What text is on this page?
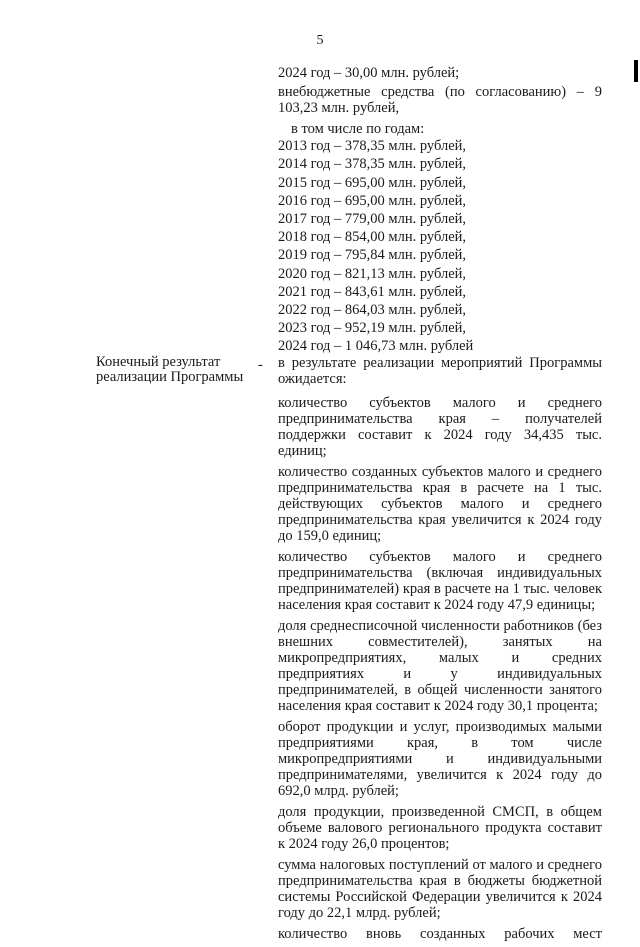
5

2024 год – 30,00 млн. рублей;

внебюджетные средства (по согласованию) – 9 103,23 млн. рублей,

в том числе по годам:

2013 год – 378,35 млн. рублей,

2014 год – 378,35 млн. рублей,

2015 год – 695,00 млн. рублей,

2016 год – 695,00 млн. рублей,

2017 год – 779,00 млн. рублей,

2018 год – 854,00 млн. рублей,

2019 год – 795,84 млн. рублей,

2020 год – 821,13 млн. рублей,

2021 год – 843,61 млн. рублей,

2022 год – 864,03 млн. рублей,

2023 год – 952,19 млн. рублей,

2024 год – 1 046,73 млн. рублей

Конечный результат реализации Программы
- в результате реализации мероприятий Программы ожидается:

количество субъектов малого и среднего предпринимательства края – получателей поддержки составит к 2024 году 34,435 тыс. единиц;

количество созданных субъектов малого и среднего предпринимательства края в расчете на 1 тыс. действующих субъектов малого и среднего предпринимательства края увеличится к 2024 году до 159,0 единиц;

количество субъектов малого и среднего предпринимательства (включая индивидуальных предпринимателей) края в расчете на 1 тыс. человек населения края составит к 2024 году 47,9 единицы;

доля среднесписочной численности работников (без внешних совместителей), занятых на микропредприятиях, малых и средних предприятиях и у индивидуальных предпринимателей, в общей численности занятого населения края составит к 2024 году 30,1 процента;

оборот продукции и услуг, производимых малыми предприятиями края, в том числе микропредприятиями и индивидуальными предпринимателями, увеличится к 2024 году до 692,0 млрд. рублей;

доля продукции, произведенной СМСП, в общем объеме валового регионального продукта составит к 2024 году 26,0 процентов;

сумма налоговых поступлений от малого и среднего предпринимательства края в бюджеты бюджетной системы Российской Федерации увеличится к 2024 году до 22,1 млрд. рублей;

количество вновь созданных рабочих мест
